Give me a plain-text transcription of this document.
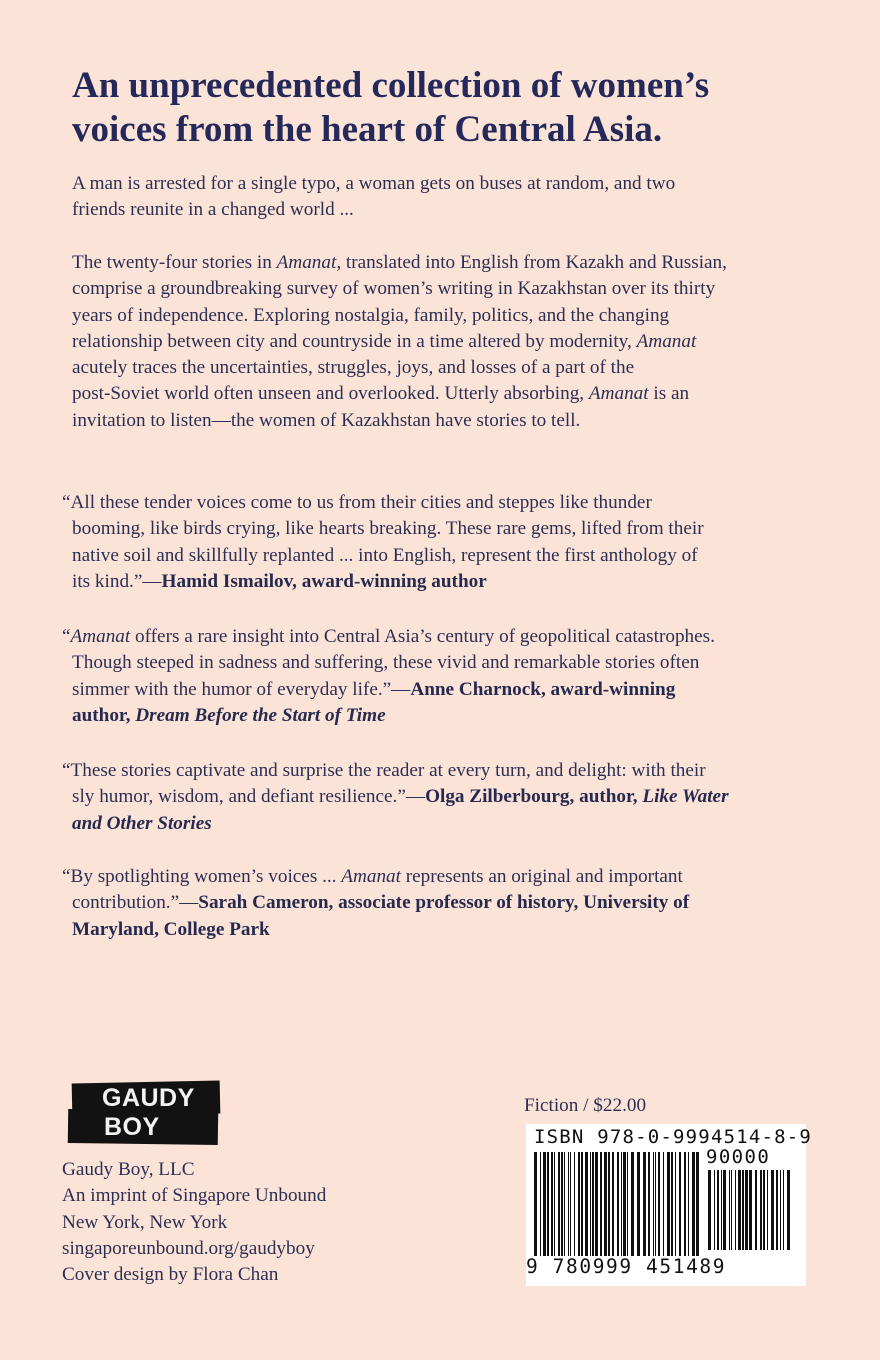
An unprecedented collection of women’s
voices from the heart of Central Asia.

A man is arrested for a single typo, a woman gets on buses at random, and two
friends reunite in a changed world ...

The twenty-four stories in Amanat, translated into English from Kazakh and Russian,
comprise a groundbreaking survey of women’s writing in Kazakhstan over its thirty
years of independence. Exploring nostalgia, family, politics, and the changing
relationship between city and countryside in a time altered by modernity, Amanat
acutely traces the uncertainties, struggles, joys, and losses of a part of the
post-Soviet world often unseen and overlooked. Utterly absorbing, Amanat is an
invitation to listen—the women of Kazakhstan have stories to tell.

“All these tender voices come to us from their cities and steppes like thunder
booming, like birds crying, like hearts breaking. These rare gems, lifted from their
native soil and skillfully replanted ... into English, represent the first anthology of
its kind.”—Hamid Ismailov, award-winning author

“Amanat offers a rare insight into Central Asia’s century of geopolitical catastrophes.
Though steeped in sadness and suffering, these vivid and remarkable stories often
simmer with the humor of everyday life.”—Anne Charnock, award-winning
author, Dream Before the Start of Time

“These stories captivate and surprise the reader at every turn, and delight: with their
sly humor, wisdom, and defiant resilience.”—Olga Zilberbourg, author, Like Water
and Other Stories

“By spotlighting women’s voices ... Amanat represents an original and important
contribution.”—Sarah Cameron, associate professor of history, University of
Maryland, College Park

GAUDY
BOY
Gaudy Boy, LLC
An imprint of Singapore Unbound
New York, New York
singaporeunbound.org/gaudyboy
Cover design by Flora Chan
Fiction / $22.00
ISBN 978-0-9994514-8-9
90000
9 780999 451489
